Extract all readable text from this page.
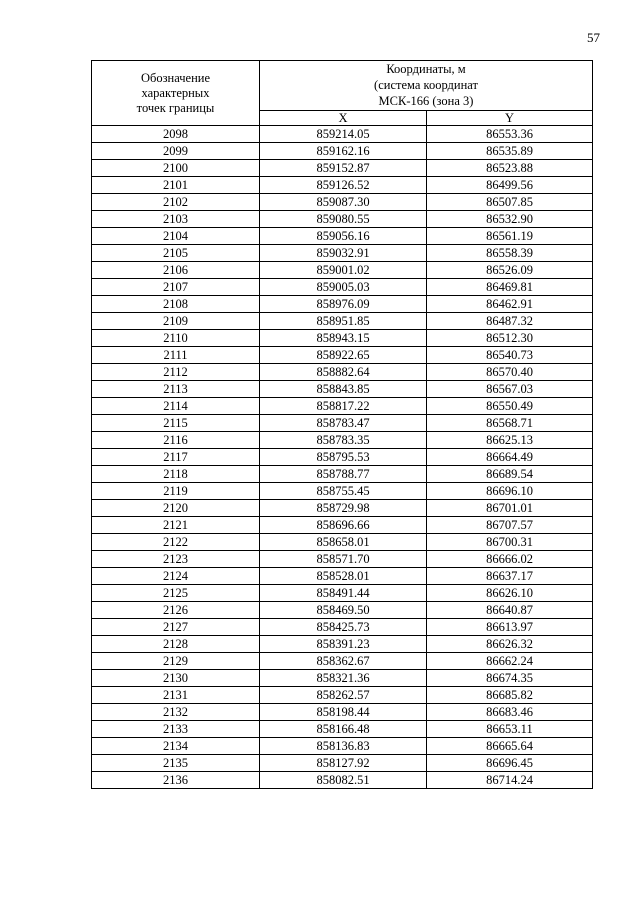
57
Обозначение
характерных
точек границы	Координаты, м
(система координат
МСК-166 (зона 3)	

	X	Y
2098	859214.05	86553.36
2099	859162.16	86535.89
2100	859152.87	86523.88
2101	859126.52	86499.56
2102	859087.30	86507.85
2103	859080.55	86532.90
2104	859056.16	86561.19
2105	859032.91	86558.39
2106	859001.02	86526.09
2107	859005.03	86469.81
2108	858976.09	86462.91
2109	858951.85	86487.32
2110	858943.15	86512.30
2111	858922.65	86540.73
2112	858882.64	86570.40
2113	858843.85	86567.03
2114	858817.22	86550.49
2115	858783.47	86568.71
2116	858783.35	86625.13
2117	858795.53	86664.49
2118	858788.77	86689.54
2119	858755.45	86696.10
2120	858729.98	86701.01
2121	858696.66	86707.57
2122	858658.01	86700.31
2123	858571.70	86666.02
2124	858528.01	86637.17
2125	858491.44	86626.10
2126	858469.50	86640.87
2127	858425.73	86613.97
2128	858391.23	86626.32
2129	858362.67	86662.24
2130	858321.36	86674.35
2131	858262.57	86685.82
2132	858198.44	86683.46
2133	858166.48	86653.11
2134	858136.83	86665.64
2135	858127.92	86696.45
2136	858082.51	86714.24
